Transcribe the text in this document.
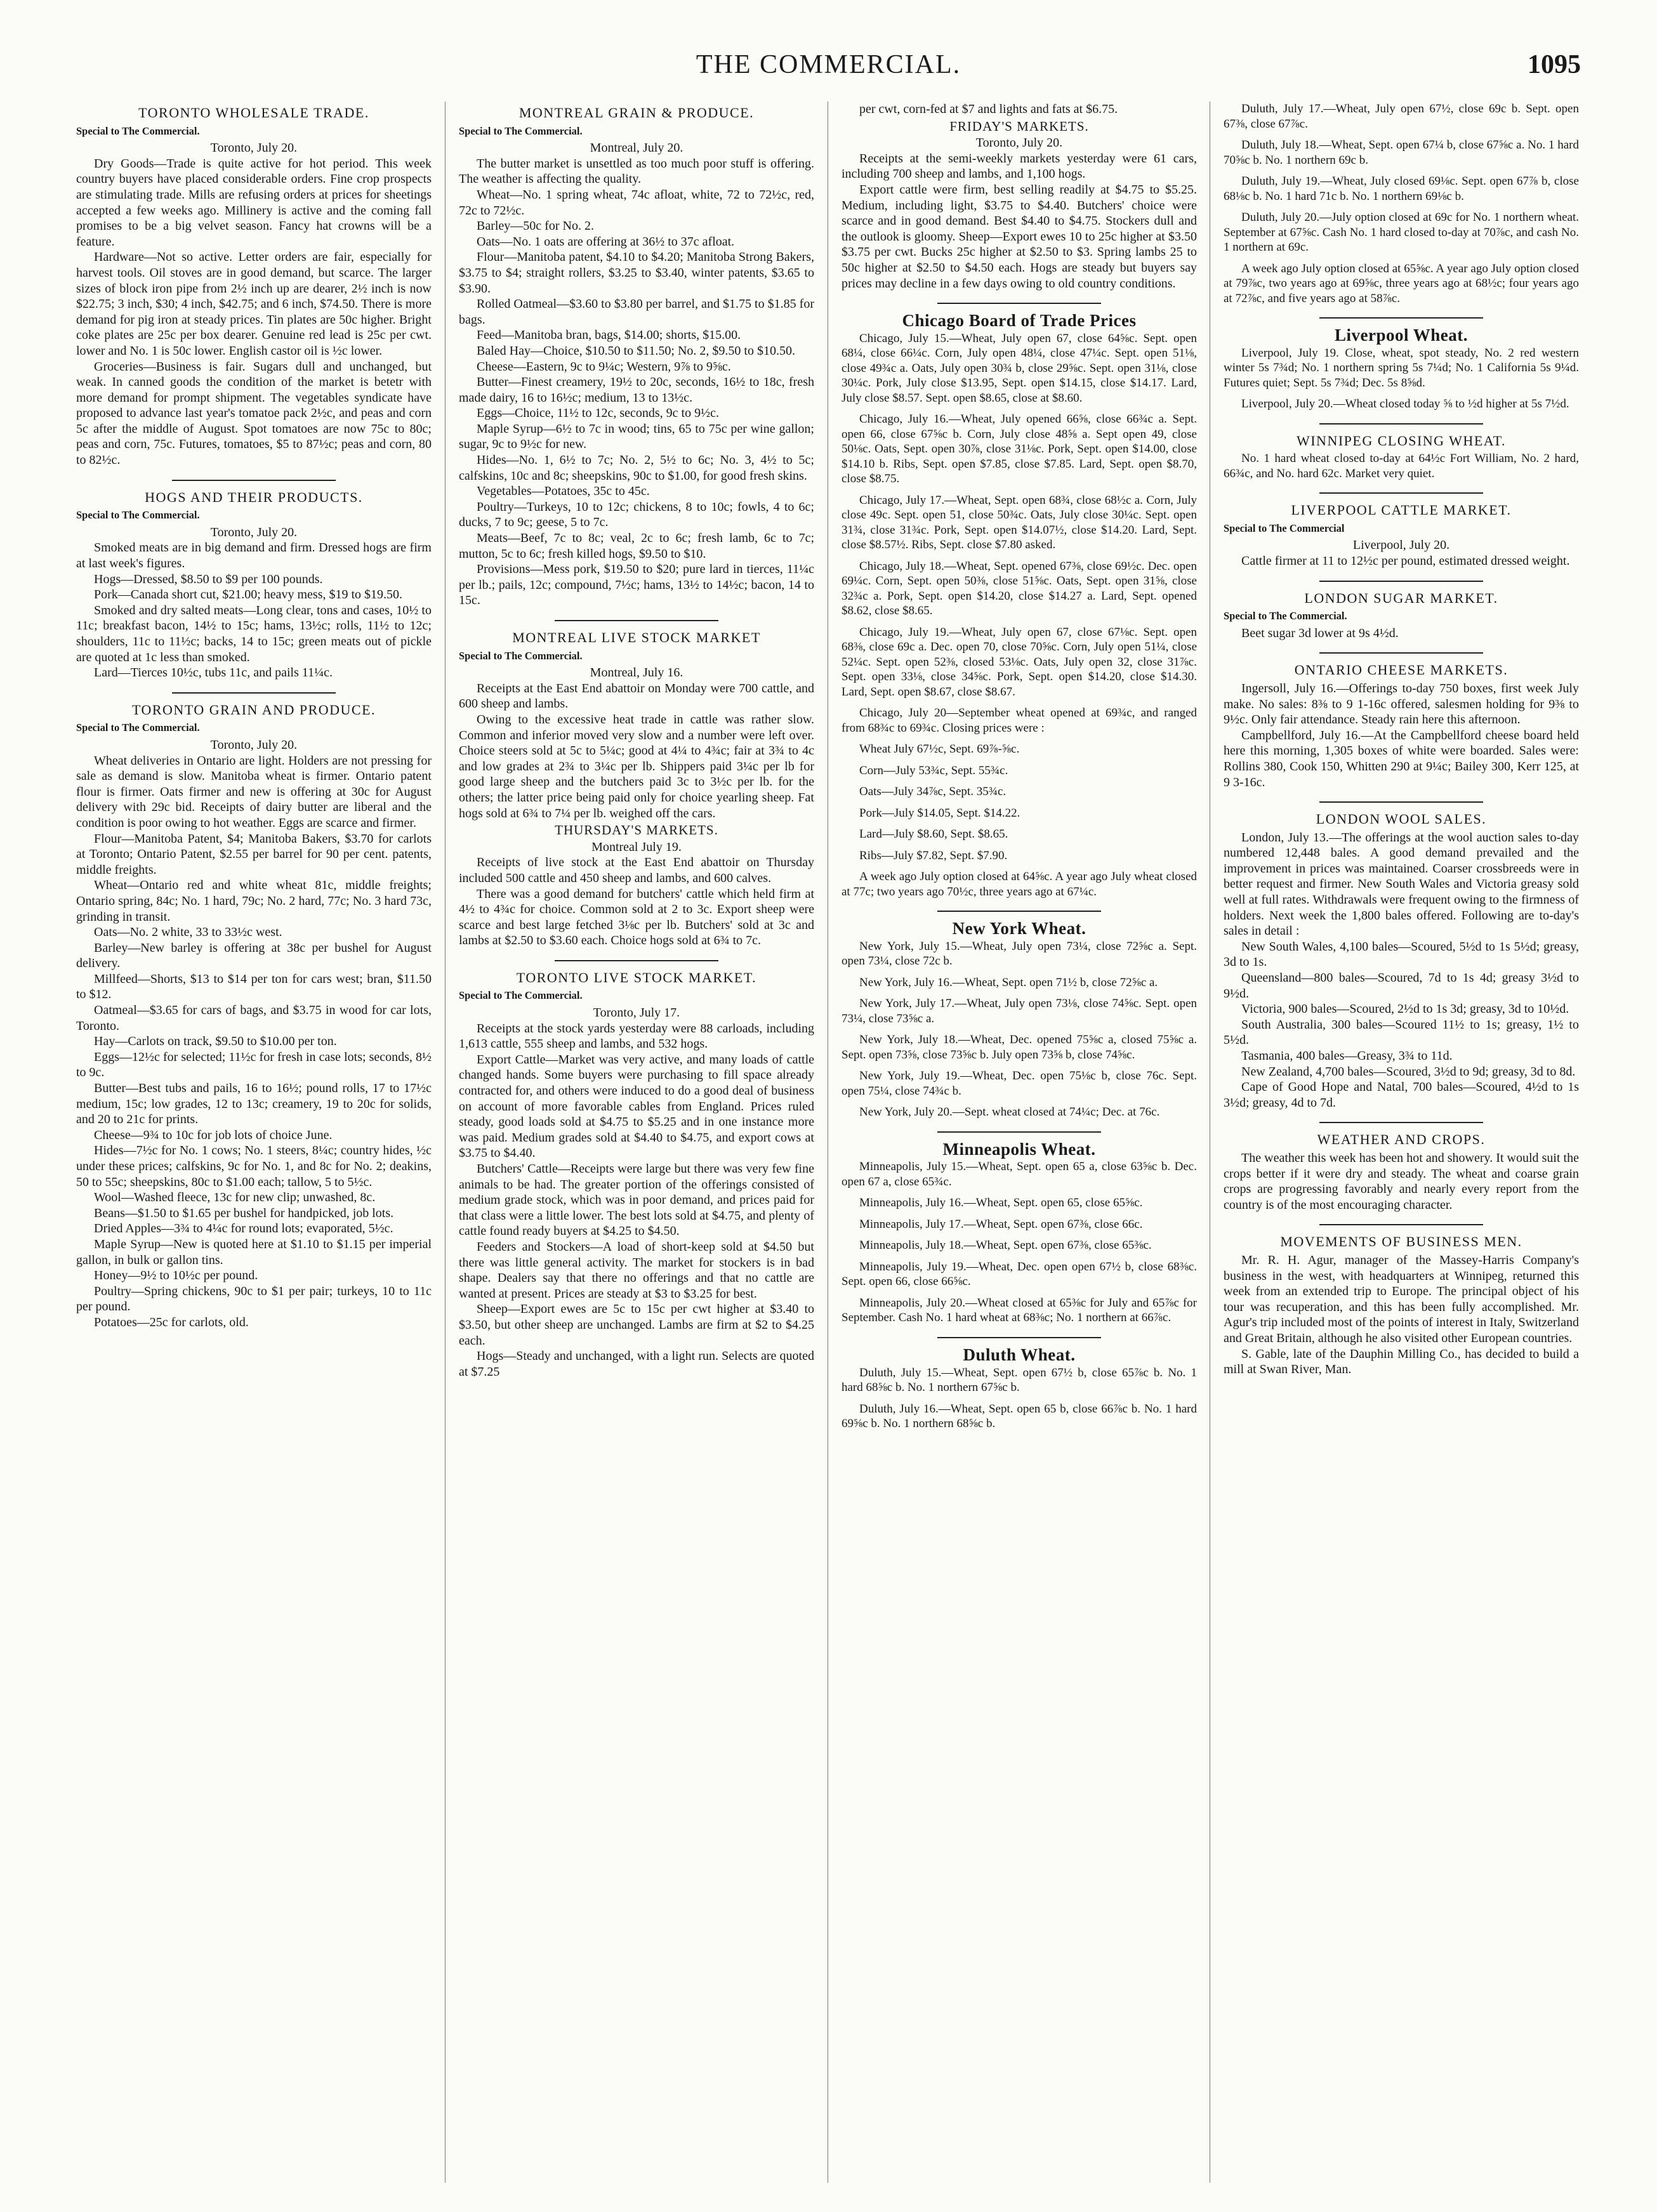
THE COMMERCIAL.	1095
TORONTO WHOLESALE TRADE.
Special to The Commercial.
Toronto, July 20.

Dry Goods—Trade is quite active for hot period. This week country buyers have placed considerable orders. Fine crop prospects are stimulating trade. Mills are refusing orders at prices for sheetings accepted a few weeks ago. Millinery is active and the coming fall promises to be a big velvet season. Fancy hat crowns will be a feature.

Hardware—Not so active. Letter orders are fair, especially for harvest tools. Oil stoves are in good demand, but scarce. The larger sizes of block iron pipe from 2½ inch up are dearer, 2½ inch is now $22.75; 3 inch, $30; 4 inch, $42.75; and 6 inch, $74.50. There is more demand for pig iron at steady prices. Tin plates are 50c higher. Bright coke plates are 25c per box dearer. Genuine red lead is 25c per cwt. lower and No. 1 is 50c lower. English castor oil is ½c lower.

Groceries—Business is fair. Sugars dull and unchanged, but weak. In canned goods the condition of the market is betetr with more demand for prompt shipment. The vegetables syndicate have proposed to advance last year's tomatoe pack 2½c, and peas and corn 5c after the middle of August. Spot tomatoes are now 75c to 80c; peas and corn, 75c. Futures, tomatoes, $5 to 87½c; peas and corn, 80 to 82½c.

HOGS AND THEIR PRODUCTS.
Special to The Commercial.
Toronto, July 20.

Smoked meats are in big demand and firm. Dressed hogs are firm at last week's figures.

Hogs—Dressed, $8.50 to $9 per 100 pounds.

Pork—Canada short cut, $21.00; heavy mess, $19 to $19.50.

Smoked and dry salted meats—Long clear, tons and cases, 10½ to 11c; breakfast bacon, 14½ to 15c; hams, 13½c; rolls, 11½ to 12c; shoulders, 11c to 11½c; backs, 14 to 15c; green meats out of pickle are quoted at 1c less than smoked.

Lard—Tierces 10½c, tubs 11c, and pails 11¼c.

TORONTO GRAIN AND PRODUCE.
Special to The Commercial.
Toronto, July 20.

Wheat deliveries in Ontario are light. Holders are not pressing for sale as demand is slow. Manitoba wheat is firmer. Ontario patent flour is firmer. Oats firmer and new is offering at 30c for August delivery with 29c bid. Receipts of dairy butter are liberal and the condition is poor owing to hot weather. Eggs are scarce and firmer.

Flour—Manitoba Patent, $4; Manitoba Bakers, $3.70 for carlots at Toronto; Ontario Patent, $2.55 per barrel for 90 per cent. patents, middle freights.

Wheat—Ontario red and white wheat 81c, middle freights; Ontario spring, 84c; No. 1 hard, 79c; No. 2 hard, 77c; No. 3 hard 73c, grinding in transit.

Oats—No. 2 white, 33 to 33½c west.

Barley—New barley is offering at 38c per bushel for August delivery.

Millfeed—Shorts, $13 to $14 per ton for cars west; bran, $11.50 to $12.

Oatmeal—$3.65 for cars of bags, and $3.75 in wood for car lots, Toronto.

Hay—Carlots on track, $9.50 to $10.00 per ton.

Eggs—12½c for selected; 11½c for fresh in case lots; seconds, 8½ to 9c.

Butter—Best tubs and pails, 16 to 16½; pound rolls, 17 to 17½c medium, 15c; low grades, 12 to 13c; creamery, 19 to 20c for solids, and 20 to 21c for prints.

Cheese—9¾ to 10c for job lots of choice June.

Hides—7½c for No. 1 cows; No. 1 steers, 8¼c; country hides, ½c under these prices; calfskins, 9c for No. 1, and 8c for No. 2; deakins, 50 to 55c; sheepskins, 80c to $1.00 each; tallow, 5 to 5½c.

Wool—Washed fleece, 13c for new clip; unwashed, 8c.

Beans—$1.50 to $1.65 per bushel for handpicked, job lots.

Dried Apples—3¾ to 4¼c for round lots; evaporated, 5½c.

Maple Syrup—New is quoted here at $1.10 to $1.15 per imperial gallon, in bulk or gallon tins.

Honey—9½ to 10½c per pound.

Poultry—Spring chickens, 90c to $1 per pair; turkeys, 10 to 11c per pound.

Potatoes—25c for carlots, old.

MONTREAL GRAIN & PRODUCE.
Special to The Commercial.
Montreal, July 20.

The butter market is unsettled as too much poor stuff is offering. The weather is affecting the quality.

Wheat—No. 1 spring wheat, 74c afloat, white, 72 to 72½c, red, 72c to 72½c.

Barley—50c for No. 2.

Oats—No. 1 oats are offering at 36½ to 37c afloat.

Flour—Manitoba patent, $4.10 to $4.20; Manitoba Strong Bakers, $3.75 to $4; straight rollers, $3.25 to $3.40, winter patents, $3.65 to $3.90.

Rolled Oatmeal—$3.60 to $3.80 per barrel, and $1.75 to $1.85 for bags.

Feed—Manitoba bran, bags, $14.00; shorts, $15.00.

Baled Hay—Choice, $10.50 to $11.50; No. 2, $9.50 to $10.50.

Cheese—Eastern, 9c to 9¼c; Western, 9⅞ to 9⅝c.

Butter—Finest creamery, 19½ to 20c, seconds, 16½ to 18c, fresh made dairy, 16 to 16½c; medium, 13 to 13½c.

Eggs—Choice, 11½ to 12c, seconds, 9c to 9½c.

Maple Syrup—6½ to 7c in wood; tins, 65 to 75c per wine gallon; sugar, 9c to 9½c for new.

Hides—No. 1, 6½ to 7c; No. 2, 5½ to 6c; No. 3, 4½ to 5c; calfskins, 10c and 8c; sheepskins, 90c to $1.00, for good fresh skins.

Vegetables—Potatoes, 35c to 45c.

Poultry—Turkeys, 10 to 12c; chickens, 8 to 10c; fowls, 4 to 6c; ducks, 7 to 9c; geese, 5 to 7c.

Meats—Beef, 7c to 8c; veal, 2c to 6c; fresh lamb, 6c to 7c; mutton, 5c to 6c; fresh killed hogs, $9.50 to $10.

Provisions—Mess pork, $19.50 to $20; pure lard in tierces, 11¼c per lb.; pails, 12c; compound, 7½c; hams, 13½ to 14½c; bacon, 14 to 15c.

MONTREAL LIVE STOCK MARKET
Special to The Commercial.
Montreal, July 16.

Receipts at the East End abattoir on Monday were 700 cattle, and 600 sheep and lambs.

Owing to the excessive heat trade in cattle was rather slow. Common and inferior moved very slow and a number were left over. Choice steers sold at 5c to 5¼c; good at 4¼ to 4¾c; fair at 3¾ to 4c and low grades at 2¾ to 3¼c per lb. Shippers paid 3¼c per lb for good large sheep and the butchers paid 3c to 3½c per lb. for the others; the latter price being paid only for choice yearling sheep. Fat hogs sold at 6¾ to 7¼ per lb. weighed off the cars.

THURSDAY'S MARKETS.
Montreal July 19.

Receipts of live stock at the East End abattoir on Thursday included 500 cattle and 450 sheep and lambs, and 600 calves.

There was a good demand for butchers' cattle which held firm at 4½ to 4¾c for choice. Common sold at 2 to 3c. Export sheep were scarce and best large fetched 3⅛c per lb. Butchers' sold at 3c and lambs at $2.50 to $3.60 each. Choice hogs sold at 6¾ to 7c.

TORONTO LIVE STOCK MARKET.
Special to The Commercial.
Toronto, July 17.

Receipts at the stock yards yesterday were 88 carloads, including 1,613 cattle, 555 sheep and lambs, and 532 hogs.

Export Cattle—Market was very active, and many loads of cattle changed hands. Some buyers were purchasing to fill space already contracted for, and others were induced to do a good deal of business on account of more favorable cables from England. Prices ruled steady, good loads sold at $4.75 to $5.25 and in one instance more was paid. Medium grades sold at $4.40 to $4.75, and export cows at $3.75 to $4.40.

Butchers' Cattle—Receipts were large but there was very few fine animals to be had. The greater portion of the offerings consisted of medium grade stock, which was in poor demand, and prices paid for that class were a little lower. The best lots sold at $4.75, and plenty of cattle found ready buyers at $4.25 to $4.50.

Feeders and Stockers—A load of short-keep sold at $4.50 but there was little general activity. The market for stockers is in bad shape. Dealers say that there no offerings and that no cattle are wanted at present. Prices are steady at $3 to $3.25 for best.

Sheep—Export ewes are 5c to 15c per cwt higher at $3.40 to $3.50, but other sheep are unchanged. Lambs are firm at $2 to $4.25 each.

Hogs—Steady and unchanged, with a light run. Selects are quoted at $7.25

per cwt, corn-fed at $7 and lights and fats at $6.75.

FRIDAY'S MARKETS.
Toronto, July 20.

Receipts at the semi-weekly markets yesterday were 61 cars, including 700 sheep and lambs, and 1,100 hogs.

Export cattle were firm, best selling readily at $4.75 to $5.25. Medium, including light, $3.75 to $4.40. Butchers' choice were scarce and in good demand. Best $4.40 to $4.75. Stockers dull and the outlook is gloomy. Sheep—Export ewes 10 to 25c higher at $3.50 $3.75 per cwt. Bucks 25c higher at $2.50 to $3. Spring lambs 25 to 50c higher at $2.50 to $4.50 each. Hogs are steady but buyers say prices may decline in a few days owing to old country conditions.

Chicago Board of Trade Prices

Chicago, July 15.—Wheat, July open 67, close 64⅝c. Sept. open 68¼, close 66¼c. Corn, July open 48¼, close 47¼c. Sept. open 51⅛, close 49¾c a. Oats, July open 30¾ b, close 29⅝c. Sept. open 31⅛, close 30¼c. Pork, July close $13.95, Sept. open $14.15, close $14.17. Lard, July close $8.57. Sept. open $8.65, close at $8.60.

Chicago, July 16.—Wheat, July opened 66⅝, close 66¾c a. Sept. open 66, close 67⅝c b. Corn, July close 48⅝ a. Sept open 49, close 50⅛c. Oats, Sept. open 30⅞, close 31⅛c. Pork, Sept. open $14.00, close $14.10 b. Ribs, Sept. open $7.85, close $7.85. Lard, Sept. open $8.70, close $8.75.

Chicago, July 17.—Wheat, Sept. open 68¾, close 68½c a. Corn, July close 49c. Sept. open 51, close 50¾c. Oats, July close 30¼c. Sept. open 31¾, close 31¾c. Pork, Sept. open $14.07½, close $14.20. Lard, Sept. close $8.57½. Ribs, Sept. close $7.80 asked.

Chicago, July 18.—Wheat, Sept. opened 67⅜, close 69½c. Dec. open 69¼c. Corn, Sept. open 50⅜, close 51⅝c. Oats, Sept. open 31⅝, close 32¾c a. Pork, Sept. open $14.20, close $14.27 a. Lard, Sept. opened $8.62, close $8.65.

Chicago, July 19.—Wheat, July open 67, close 67⅛c. Sept. open 68⅜, close 69c a. Dec. open 70, close 70⅝c. Corn, July open 51¼, close 52¼c. Sept. open 52⅜, closed 53⅛c. Oats, July open 32, close 31⅞c. Sept. open 33⅛, close 34⅝c. Pork, Sept. open $14.20, close $14.30. Lard, Sept. open $8.67, close $8.67.

Chicago, July 20—September wheat opened at 69¾c, and ranged from 68¾c to 69¾c. Closing prices were :

Wheat July 67½c, Sept. 69⅞-⅝c.

Corn—July 53¾c, Sept. 55¾c.

Oats—July 34⅞c, Sept. 35¾c.

Pork—July $14.05, Sept. $14.22.

Lard—July $8.60, Sept. $8.65.

Ribs—July $7.82, Sept. $7.90.

A week ago July option closed at 64⅝c. A year ago July wheat closed at 77c; two years ago 70½c, three years ago at 67¼c.

New York Wheat.

New York, July 15.—Wheat, July open 73¼, close 72⅝c a. Sept. open 73¼, close 72c b.

New York, July 16.—Wheat, Sept. open 71½ b, close 72⅝c a.

New York, July 17.—Wheat, July open 73⅛, close 74⅝c. Sept. open 73¼, close 73⅝c a.

New York, July 18.—Wheat, Dec. opened 75⅝c a, closed 75⅝c a. Sept. open 73⅝, close 73⅝c b. July open 73⅝ b, close 74⅝c.

New York, July 19.—Wheat, Dec. open 75⅛c b, close 76c. Sept. open 75¼, close 74¾c b.

New York, July 20.—Sept. wheat closed at 74¼c; Dec. at 76c.

Minneapolis Wheat.

Minneapolis, July 15.—Wheat, Sept. open 65 a, close 63⅝c b. Dec. open 67 a, close 65¾c.

Minneapolis, July 16.—Wheat, Sept. open 65, close 65⅝c.

Minneapolis, July 17.—Wheat, Sept. open 67⅜, close 66c.

Minneapolis, July 18.—Wheat, Sept. open 67⅜, close 65⅜c.

Minneapolis, July 19.—Wheat, Dec. open open 67½ b, close 68⅜c. Sept. open 66, close 66⅝c.

Minneapolis, July 20.—Wheat closed at 65⅜c for July and 65⅞c for September. Cash No. 1 hard wheat at 68⅜c; No. 1 northern at 66⅞c.

Duluth Wheat.

Duluth, July 15.—Wheat, Sept. open 67½ b, close 65⅞c b. No. 1 hard 68⅝c b. No. 1 northern 67⅝c b.

Duluth, July 16.—Wheat, Sept. open 65 b, close 66⅞c b. No. 1 hard 69⅝c b. No. 1 northern 68⅝c b.

Duluth, July 17.—Wheat, July open 67½, close 69c b. Sept. open 67⅜, close 67⅞c.

Duluth, July 18.—Wheat, Sept. open 67¼ b, close 67⅝c a. No. 1 hard 70⅝c b. No. 1 northern 69c b.

Duluth, July 19.—Wheat, July closed 69⅛c. Sept. open 67⅞ b, close 68⅛c b. No. 1 hard 71c b. No. 1 northern 69⅛c b.

Duluth, July 20.—July option closed at 69c for No. 1 northern wheat. September at 67⅝c. Cash No. 1 hard closed to-day at 70⅞c, and cash No. 1 northern at 69c.

A week ago July option closed at 65⅝c. A year ago July option closed at 79⅞c, two years ago at 69⅝c, three years ago at 68½c; four years ago at 72⅞c, and five years ago at 58⅞c.

Liverpool Wheat.

Liverpool, July 19. Close, wheat, spot steady, No. 2 red western winter 5s 7¾d; No. 1 northern spring 5s 7¼d; No. 1 California 5s 9¼d. Futures quiet; Sept. 5s 7¾d; Dec. 5s 8⅝d.

Liverpool, July 20.—Wheat closed today ⅝ to ½d higher at 5s 7½d.

WINNIPEG CLOSING WHEAT.

No. 1 hard wheat closed to-day at 64½c Fort William, No. 2 hard, 66¾c, and No. hard 62c. Market very quiet.

LIVERPOOL CATTLE MARKET.
Special to The Commercial
Liverpool, July 20.

Cattle firmer at 11 to 12½c per pound, estimated dressed weight.

LONDON SUGAR MARKET.
Special to The Commercial.

Beet sugar 3d lower at 9s 4½d.

ONTARIO CHEESE MARKETS.

Ingersoll, July 16.—Offerings to-day 750 boxes, first week July make. No sales: 8⅜ to 9 1-16c offered, salesmen holding for 9⅜ to 9½c. Only fair attendance. Steady rain here this afternoon.

Campbellford, July 16.—At the Campbellford cheese board held here this morning, 1,305 boxes of white were boarded. Sales were: Rollins 380, Cook 150, Whitten 290 at 9¼c; Bailey 300, Kerr 125, at 9 3-16c.

LONDON WOOL SALES.

London, July 13.—The offerings at the wool auction sales to-day numbered 12,448 bales. A good demand prevailed and the improvement in prices was maintained. Coarser crossbreeds were in better request and firmer. New South Wales and Victoria greasy sold well at full rates. Withdrawals were frequent owing to the firmness of holders. Next week the 1,800 bales offered. Following are to-day's sales in detail :

New South Wales, 4,100 bales—Scoured, 5½d to 1s 5½d; greasy, 3d to 1s.

Queensland—800 bales—Scoured, 7d to 1s 4d; greasy 3½d to 9½d.

Victoria, 900 bales—Scoured, 2½d to 1s 3d; greasy, 3d to 10½d.

South Australia, 300 bales—Scoured 11½ to 1s; greasy, 1½ to 5½d.

Tasmania, 400 bales—Greasy, 3¾ to 11d.

New Zealand, 4,700 bales—Scoured, 3½d to 9d; greasy, 3d to 8d.

Cape of Good Hope and Natal, 700 bales—Scoured, 4½d to 1s 3½d; greasy, 4d to 7d.

WEATHER AND CROPS.

The weather this week has been hot and showery. It would suit the crops better if it were dry and steady. The wheat and coarse grain crops are progressing favorably and nearly every report from the country is of the most encouraging character.

MOVEMENTS OF BUSINESS MEN.

Mr. R. H. Agur, manager of the Massey-Harris Company's business in the west, with headquarters at Winnipeg, returned this week from an extended trip to Europe. The principal object of his tour was recuperation, and this has been fully accomplished. Mr. Agur's trip included most of the points of interest in Italy, Switzerland and Great Britain, although he also visited other European countries.

S. Gable, late of the Dauphin Milling Co., has decided to build a mill at Swan River, Man.
